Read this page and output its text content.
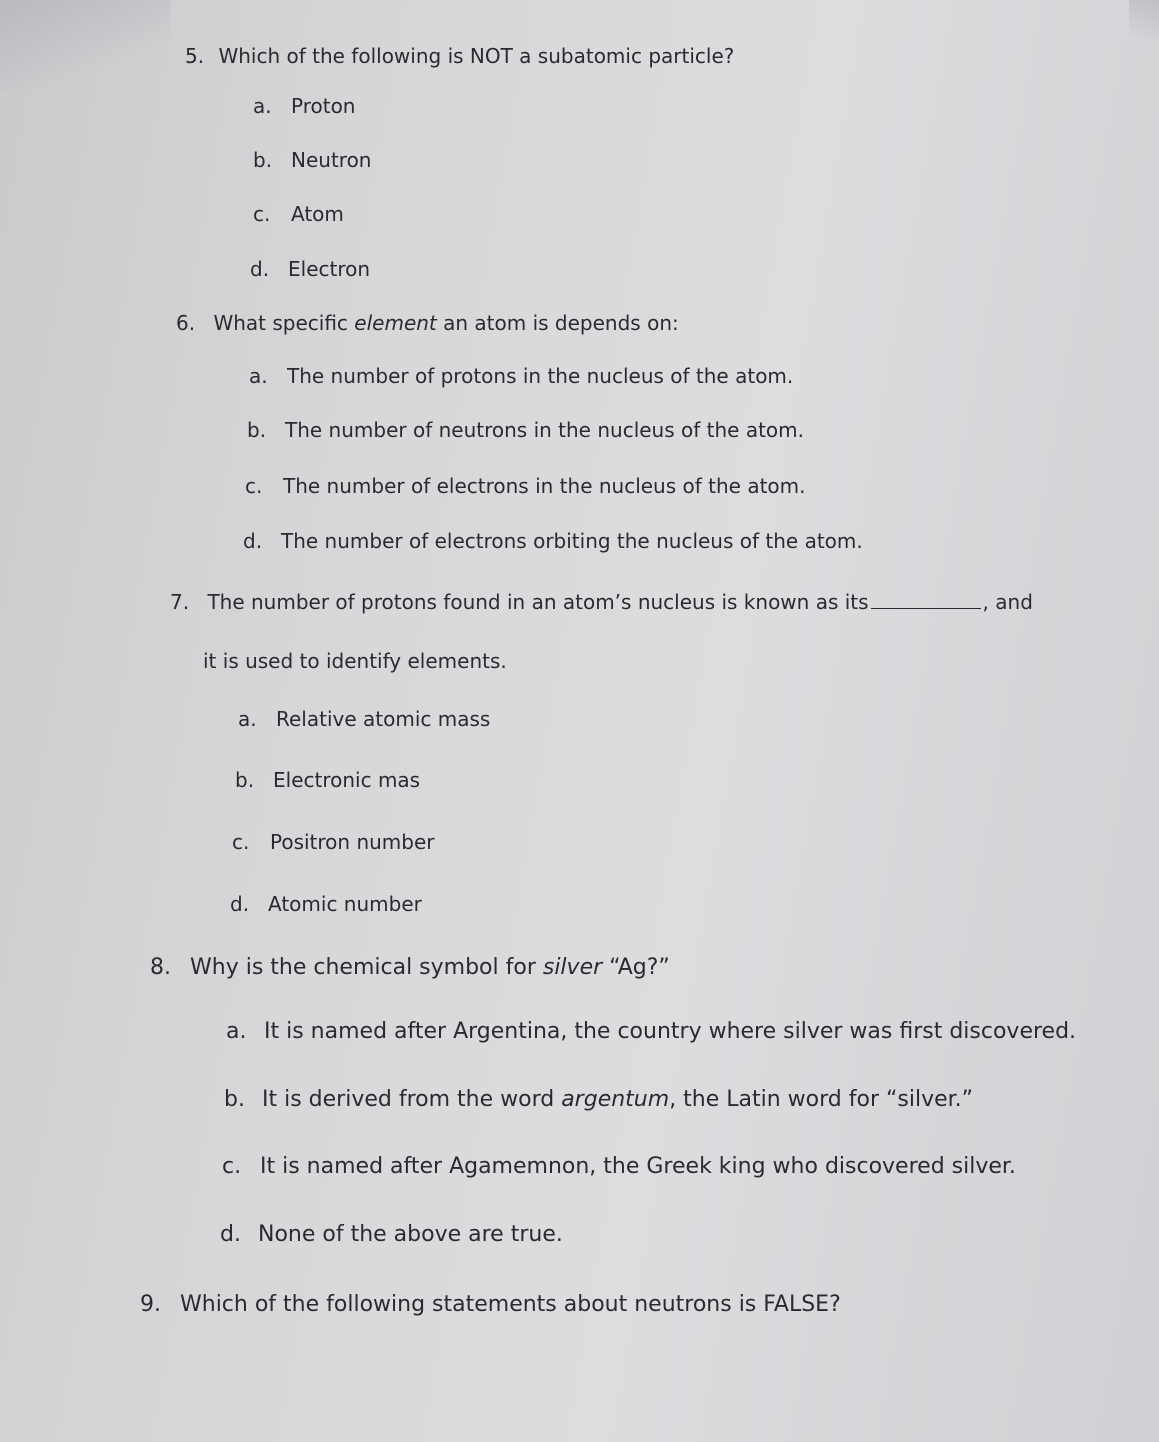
5. Which of the following is NOT a subatomic particle?
a. Proton
b. Neutron
c. Atom
d. Electron
6. What specific element an atom is depends on:
a. The number of protons in the nucleus of the atom.
b. The number of neutrons in the nucleus of the atom.
c. The number of electrons in the nucleus of the atom.
d. The number of electrons orbiting the nucleus of the atom.
7. The number of protons found in an atom’s nucleus is known as its	, and
it is used to identify elements.
a. Relative atomic mass
b. Electronic mas
c. Positron number
d. Atomic number
8. Why is the chemical symbol for silver “Ag?”
a. It is named after Argentina, the country where silver was first discovered.
b. It is derived from the word argentum, the Latin word for “silver.”
c. It is named after Agamemnon, the Greek king who discovered silver.
d. None of the above are true.
9. Which of the following statements about neutrons is FALSE?
